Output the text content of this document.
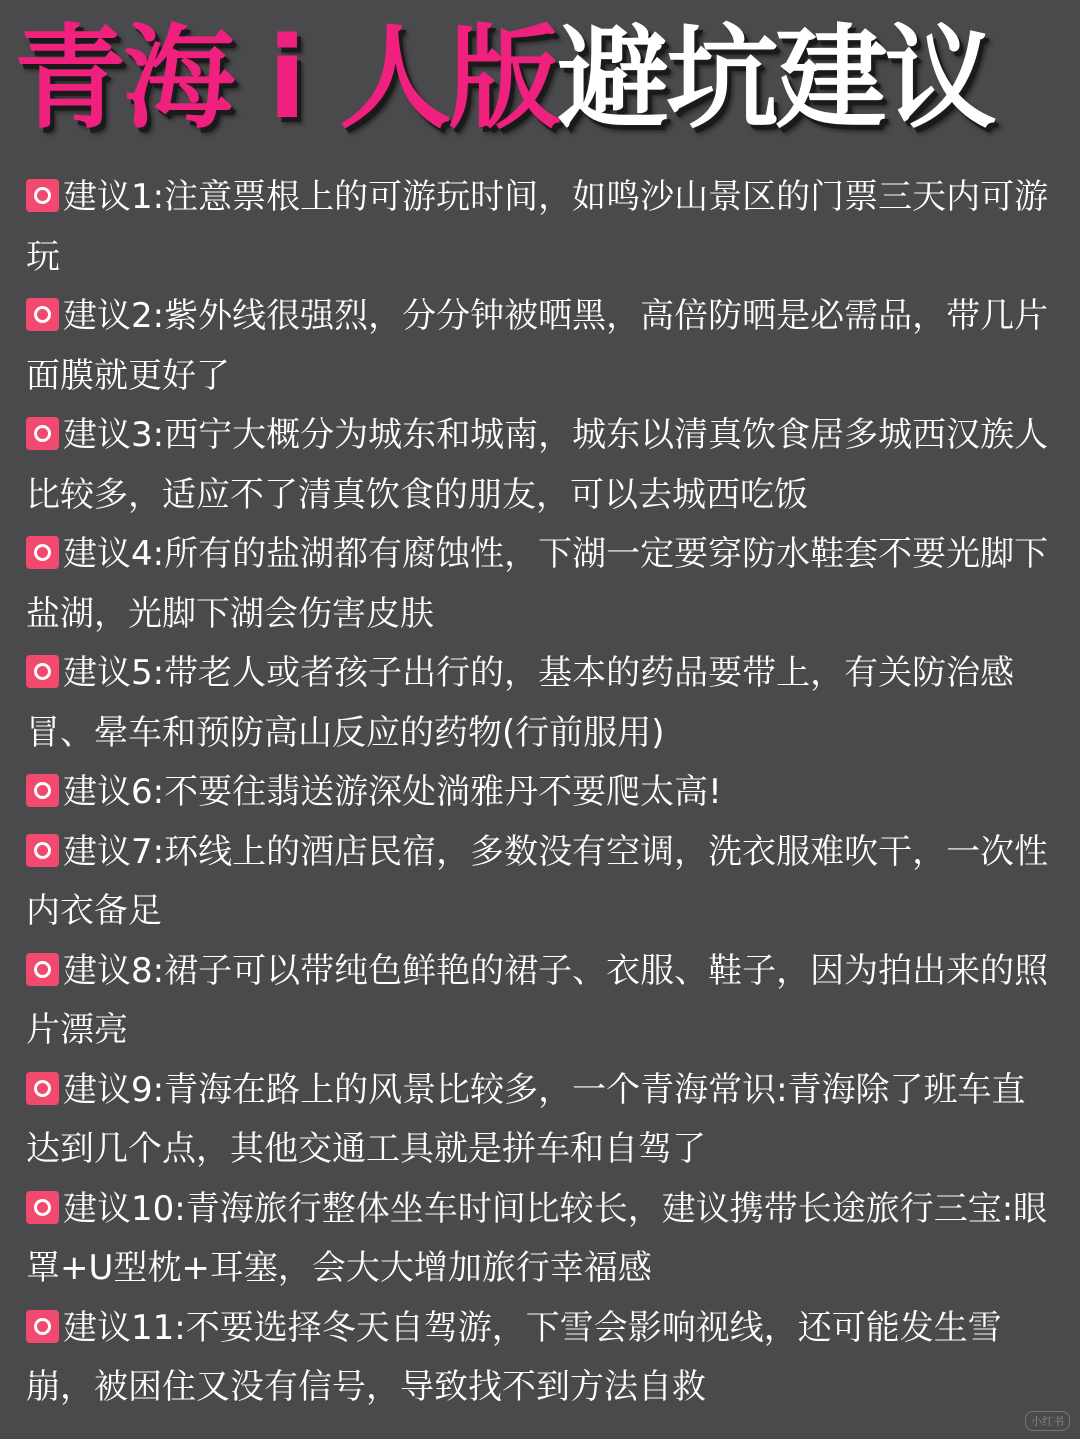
青海 i 人版避坑建议
建议1:注意票根上的可游玩时间，如鸣沙山景区的门票三天内可游玩
建议2:紫外线很强烈，分分钟被晒黑，高倍防晒是必需品，带几片面膜就更好了
建议3:西宁大概分为城东和城南，城东以清真饮食居多城西汉族人比较多，适应不了清真饮食的朋友，可以去城西吃饭
建议4:所有的盐湖都有腐蚀性，下湖一定要穿防水鞋套不要光脚下盐湖，光脚下湖会伤害皮肤
建议5:带老人或者孩子出行的，基本的药品要带上，有关防治感冒、晕车和预防高山反应的药物(行前服用)
建议6:不要往翡送游深处淌雅丹不要爬太高!
建议7:环线上的酒店民宿，多数没有空调，洗衣服难吹干，一次性内衣备足
建议8:裙子可以带纯色鲜艳的裙子、衣服、鞋子，因为拍出来的照片漂亮
建议9:青海在路上的风景比较多，一个青海常识:青海除了班车直达到几个点，其他交通工具就是拼车和自驾了
建议10:青海旅行整体坐车时间比较长，建议携带长途旅行三宝:眼罩+U型枕+耳塞，会大大增加旅行幸福感
建议11:不要选择冬天自驾游，下雪会影响视线，还可能发生雪崩，被困住又没有信号，导致找不到方法自救
小红书
